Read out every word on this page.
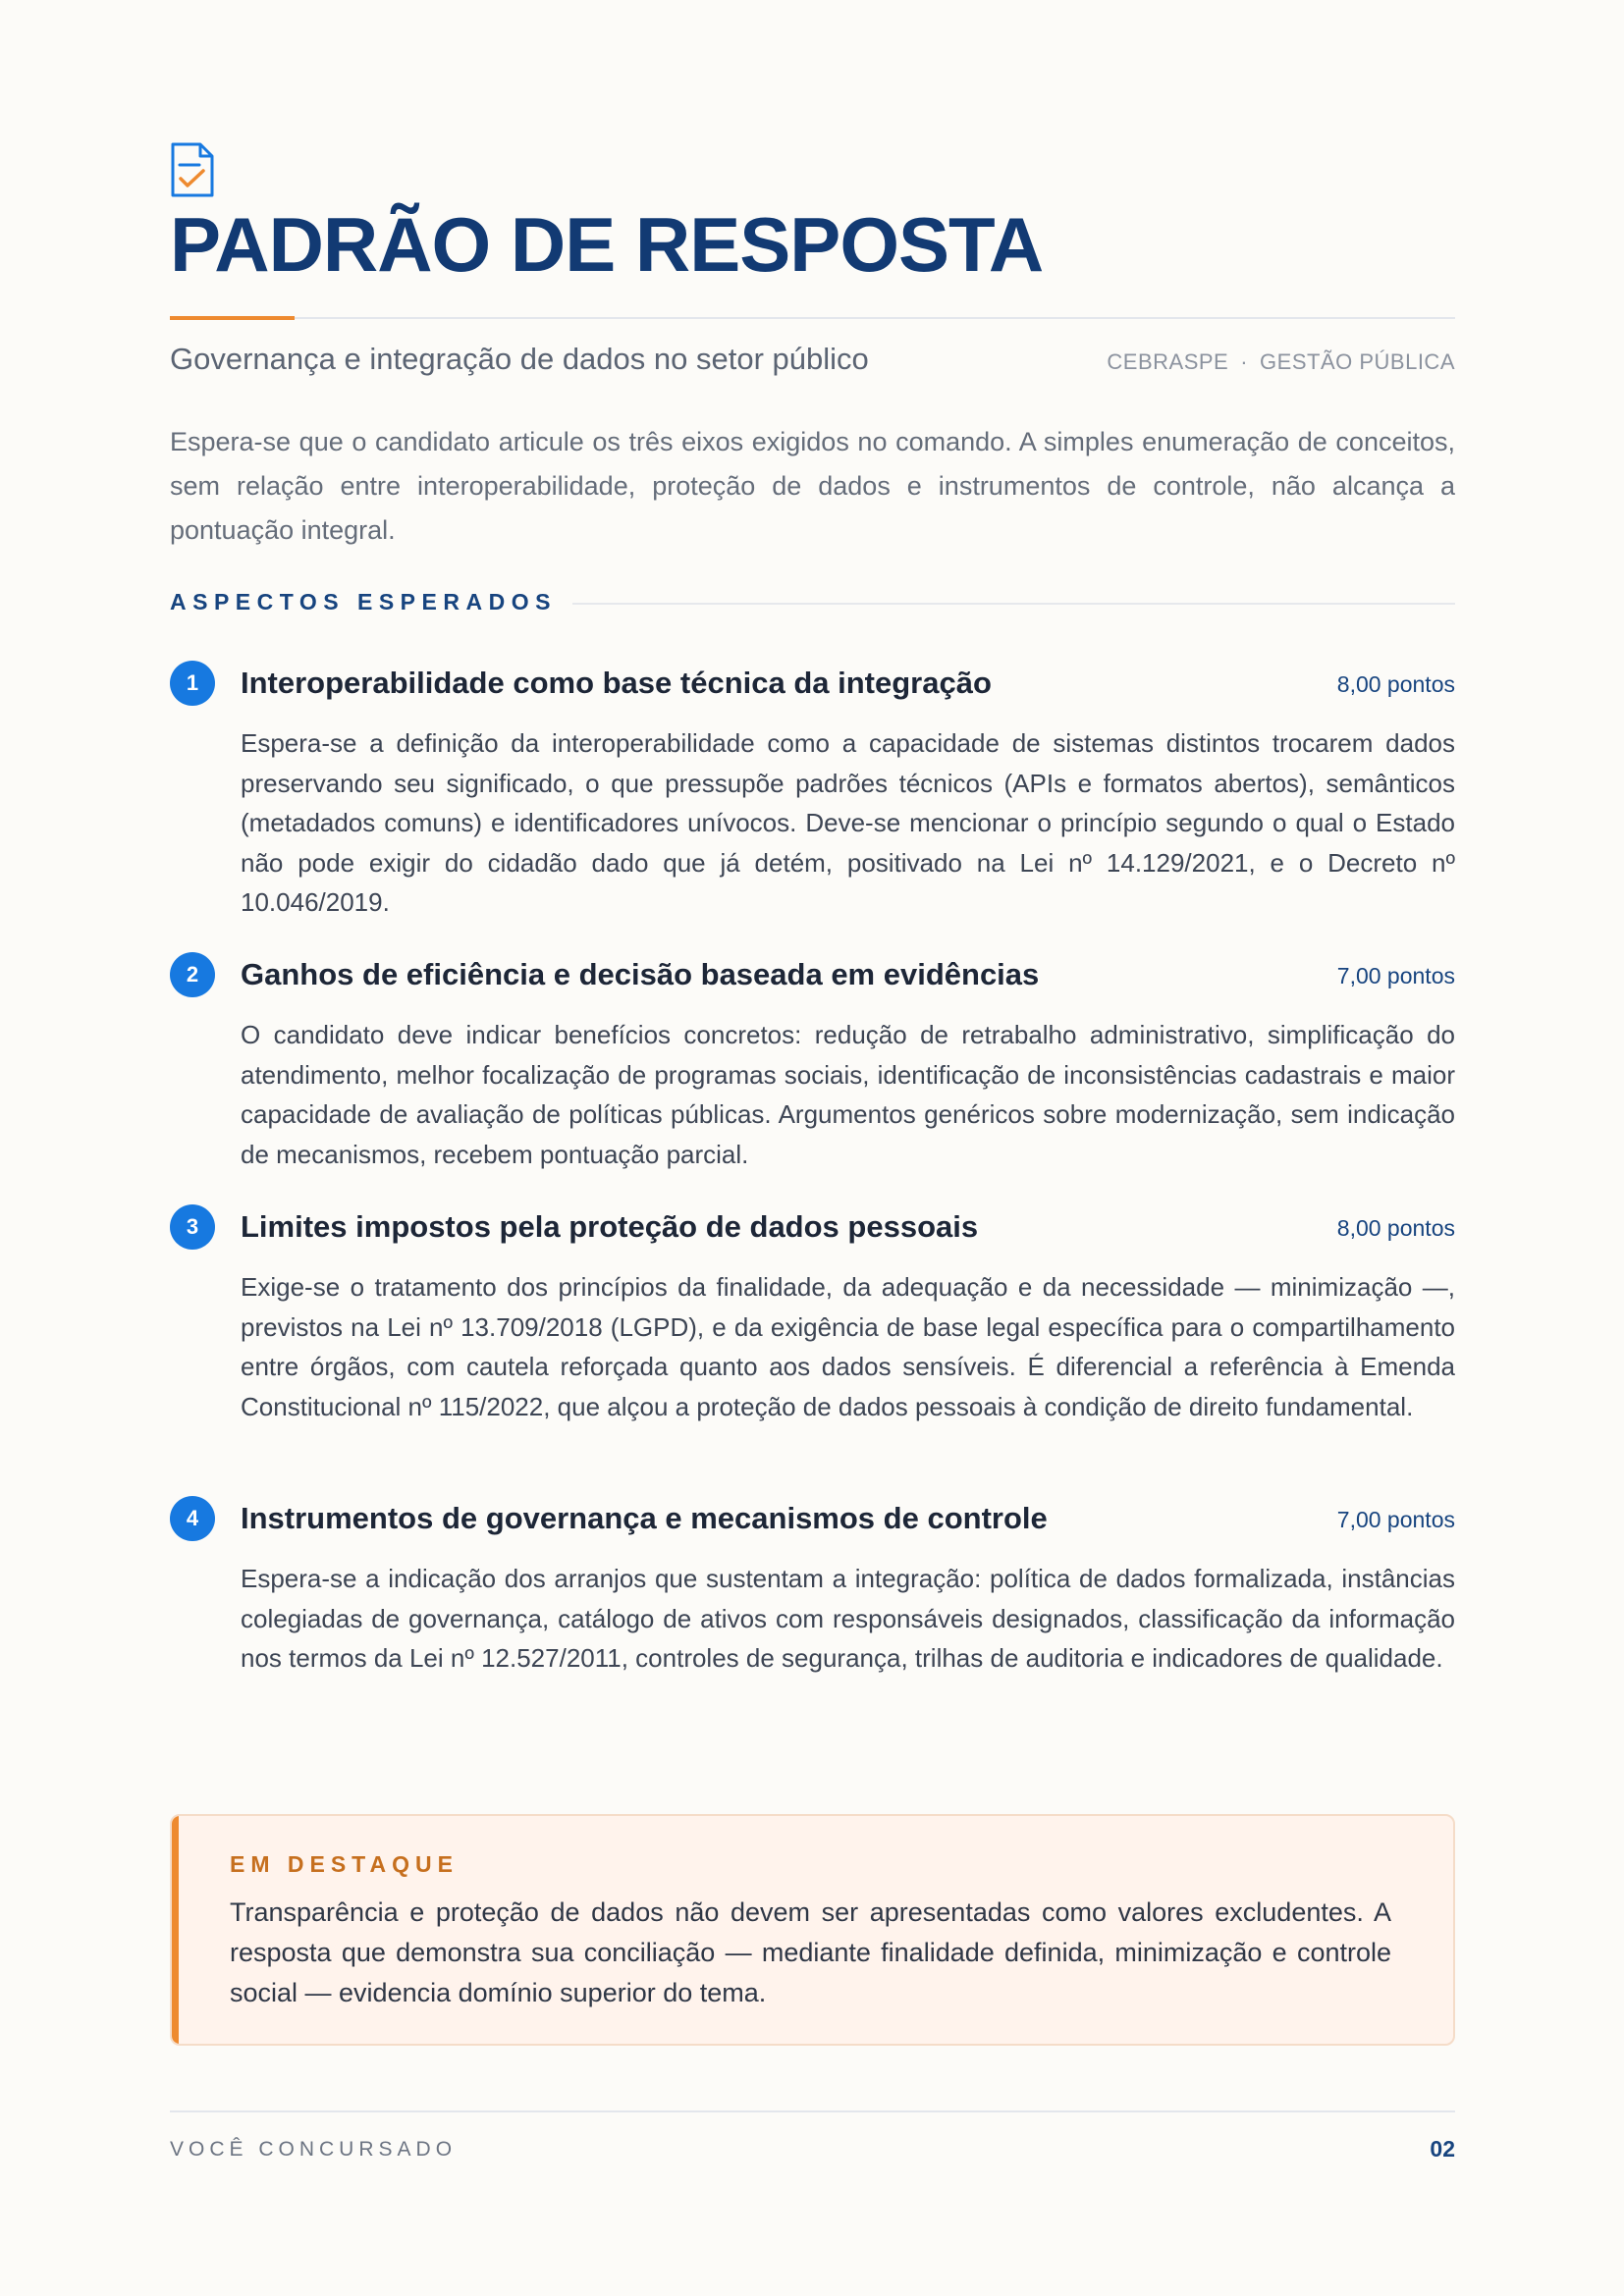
PADRÃO DE RESPOSTA
Governança e integração de dados no setor público	CEBRASPE · GESTÃO PÚBLICA
Espera-se que o candidato articule os três eixos exigidos no comando. A simples enumeração de conceitos, sem relação entre interoperabilidade, proteção de dados e instrumentos de controle, não alcança a pontuação integral.
ASPECTOS ESPERADOS
1	Interoperabilidade como base técnica da integração	8,00 pontos
Espera-se a definição da interoperabilidade como a capacidade de sistemas distintos trocarem dados preservando seu significado, o que pressupõe padrões técnicos (APIs e formatos abertos), semânticos (metadados comuns) e identificadores unívocos. Deve-se mencionar o princípio segundo o qual o Estado não pode exigir do cidadão dado que já detém, positivado na Lei nº 14.129/2021, e o Decreto nº 10.046/2019.
2	Ganhos de eficiência e decisão baseada em evidências	7,00 pontos
O candidato deve indicar benefícios concretos: redução de retrabalho administrativo, simplificação do atendimento, melhor focalização de programas sociais, identificação de inconsistências cadastrais e maior capacidade de avaliação de políticas públicas. Argumentos genéricos sobre modernização, sem indicação de mecanismos, recebem pontuação parcial.
3	Limites impostos pela proteção de dados pessoais	8,00 pontos
Exige-se o tratamento dos princípios da finalidade, da adequação e da necessidade — minimização —, previstos na Lei nº 13.709/2018 (LGPD), e da exigência de base legal específica para o compartilhamento entre órgãos, com cautela reforçada quanto aos dados sensíveis. É diferencial a referência à Emenda Constitucional nº 115/2022, que alçou a proteção de dados pessoais à condição de direito fundamental.
4	Instrumentos de governança e mecanismos de controle	7,00 pontos
Espera-se a indicação dos arranjos que sustentam a integração: política de dados formalizada, instâncias colegiadas de governança, catálogo de ativos com responsáveis designados, classificação da informação nos termos da Lei nº 12.527/2011, controles de segurança, trilhas de auditoria e indicadores de qualidade.
EM DESTAQUE
Transparência e proteção de dados não devem ser apresentadas como valores excludentes. A resposta que demonstra sua conciliação — mediante finalidade definida, minimização e controle social — evidencia domínio superior do tema.
VOCÊ CONCURSADO	02
